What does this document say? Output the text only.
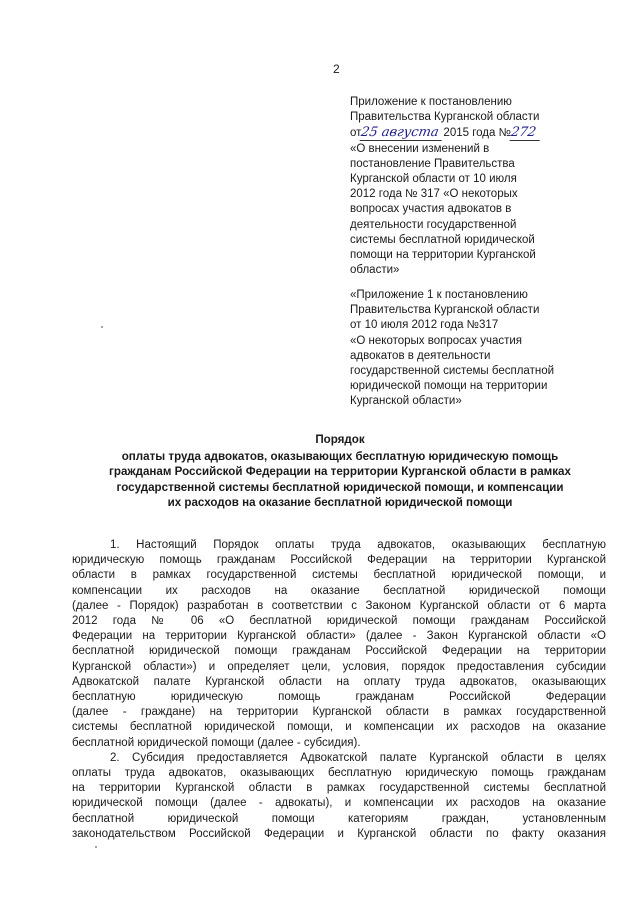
2
Приложение к постановлению
Правительства Курганской области
от25 августа 2015 года №272
«О внесении изменений в
постановление Правительства
Курганской области от 10 июля
2012 года № 317 «О некоторых
вопросах участия адвокатов в
деятельности государственной
системы бесплатной юридической
помощи на территории Курганской
области»
«Приложение 1 к постановлению
Правительства Курганской области
от 10 июля 2012 года №317
«О некоторых вопросах участия
адвокатов в деятельности
государственной системы бесплатной
юридической помощи на территории
Курганской области»
Порядок
оплаты труда адвокатов, оказывающих бесплатную юридическую помощь
гражданам Российской Федерации на территории Курганской области в рамках
государственной системы бесплатной юридической помощи, и компенсации
их расходов на оказание бесплатной юридической помощи
1. Настоящий Порядок оплаты труда адвокатов, оказывающих бесплатную
юридическую помощь гражданам Российской Федерации на территории Курганской
области в рамках государственной системы бесплатной юридической помощи, и
компенсации их расходов на оказание бесплатной юридической помощи
(далее - Порядок) разработан в соответствии с Законом Курганской области от 6 марта
2012 года № 06 «О бесплатной юридической помощи гражданам Российской
Федерации на территории Курганской области» (далее - Закон Курганской области «О
бесплатной юридической помощи гражданам Российской Федерации на территории
Курганской области») и определяет цели, условия, порядок предоставления субсидии
Адвокатской палате Курганской области на оплату труда адвокатов, оказывающих
бесплатную юридическую помощь гражданам Российской Федерации
(далее - граждане) на территории Курганской области в рамках государственной
системы бесплатной юридической помощи, и компенсации их расходов на оказание
бесплатной юридической помощи (далее - субсидия).
2. Субсидия предоставляется Адвокатской палате Курганской области в целях
оплаты труда адвокатов, оказывающих бесплатную юридическую помощь гражданам
на территории Курганской области в рамках государственной системы бесплатной
юридической помощи (далее - адвокаты), и компенсации их расходов на оказание
бесплатной юридической помощи категориям граждан, установленным
законодательством Российской Федерации и Курганской области по факту оказания
